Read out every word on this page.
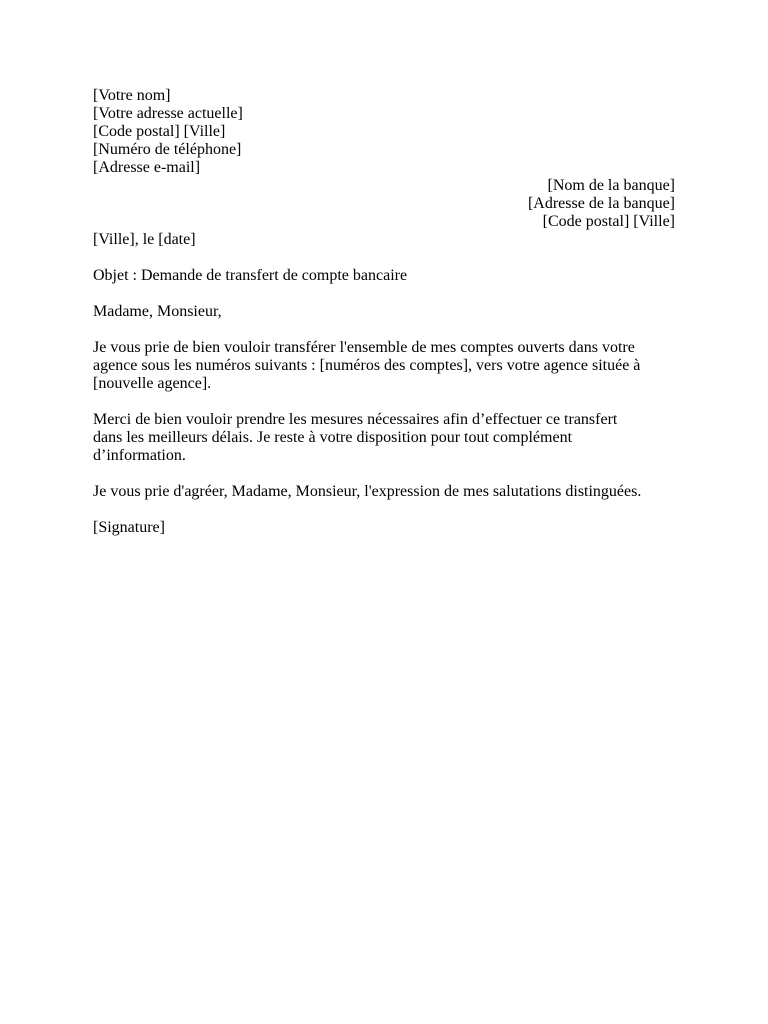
[Votre nom]
[Votre adresse actuelle]
[Code postal] [Ville]
[Numéro de téléphone]
[Adresse e-mail]
[Nom de la banque]
[Adresse de la banque]
[Code postal] [Ville]
[Ville], le [date]
Objet : Demande de transfert de compte bancaire
Madame, Monsieur,
Je vous prie de bien vouloir transférer l'ensemble de mes comptes ouverts dans votre
agence sous les numéros suivants : [numéros des comptes], vers votre agence située à
[nouvelle agence].
Merci de bien vouloir prendre les mesures nécessaires afin d’effectuer ce transfert
dans les meilleurs délais. Je reste à votre disposition pour tout complément
d’information.
Je vous prie d'agréer, Madame, Monsieur, l'expression de mes salutations distinguées.
[Signature]
